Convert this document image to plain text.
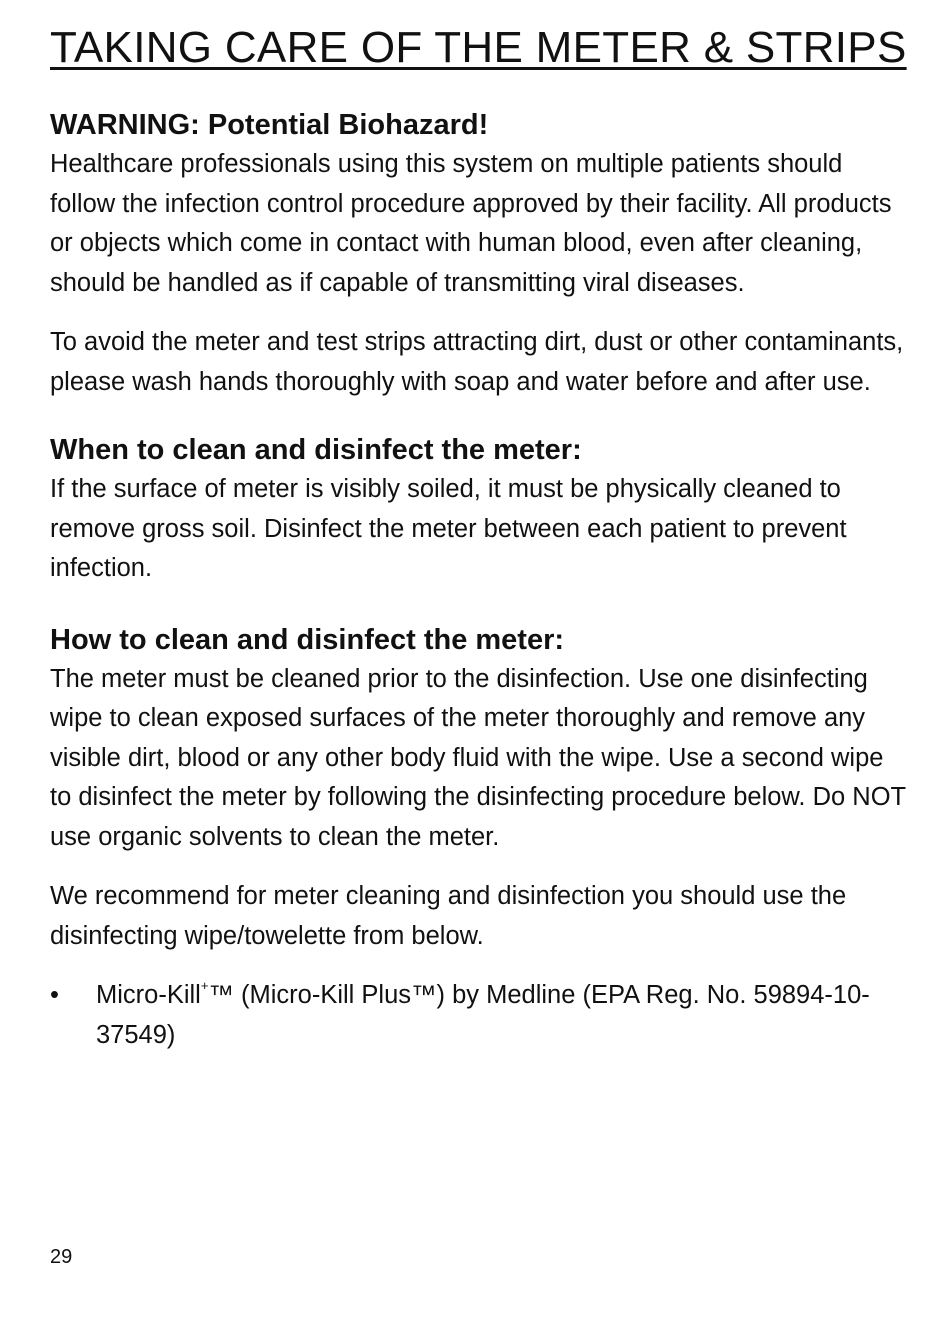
TAKING CARE OF THE METER & STRIPS
WARNING: Potential Biohazard!

Healthcare professionals using this system on multiple patients should follow the infection control procedure approved by their facility. All products or objects which come in contact with human blood, even after cleaning, should be handled as if capable of transmitting viral diseases.

To avoid the meter and test strips attracting dirt, dust or other contaminants, please wash hands thoroughly with soap and water before and after use.

When to clean and disinfect the meter:

If the surface of meter is visibly soiled, it must be physically cleaned to remove gross soil. Disinfect the meter between each patient to prevent infection.

How to clean and disinfect the meter:

The meter must be cleaned prior to the disinfection. Use one disinfecting wipe to clean exposed surfaces of the meter thoroughly and remove any visible dirt, blood or any other body fluid with the wipe. Use a second wipe to disinfect the meter by following the disinfecting procedure below. Do NOT use organic solvents to clean the meter.

We recommend for meter cleaning and disinfection you should use the disinfecting wipe/towelette from below.

• Micro-Kill+™ (Micro-Kill Plus™) by Medline (EPA Reg. No. 59894-10-37549)
29
